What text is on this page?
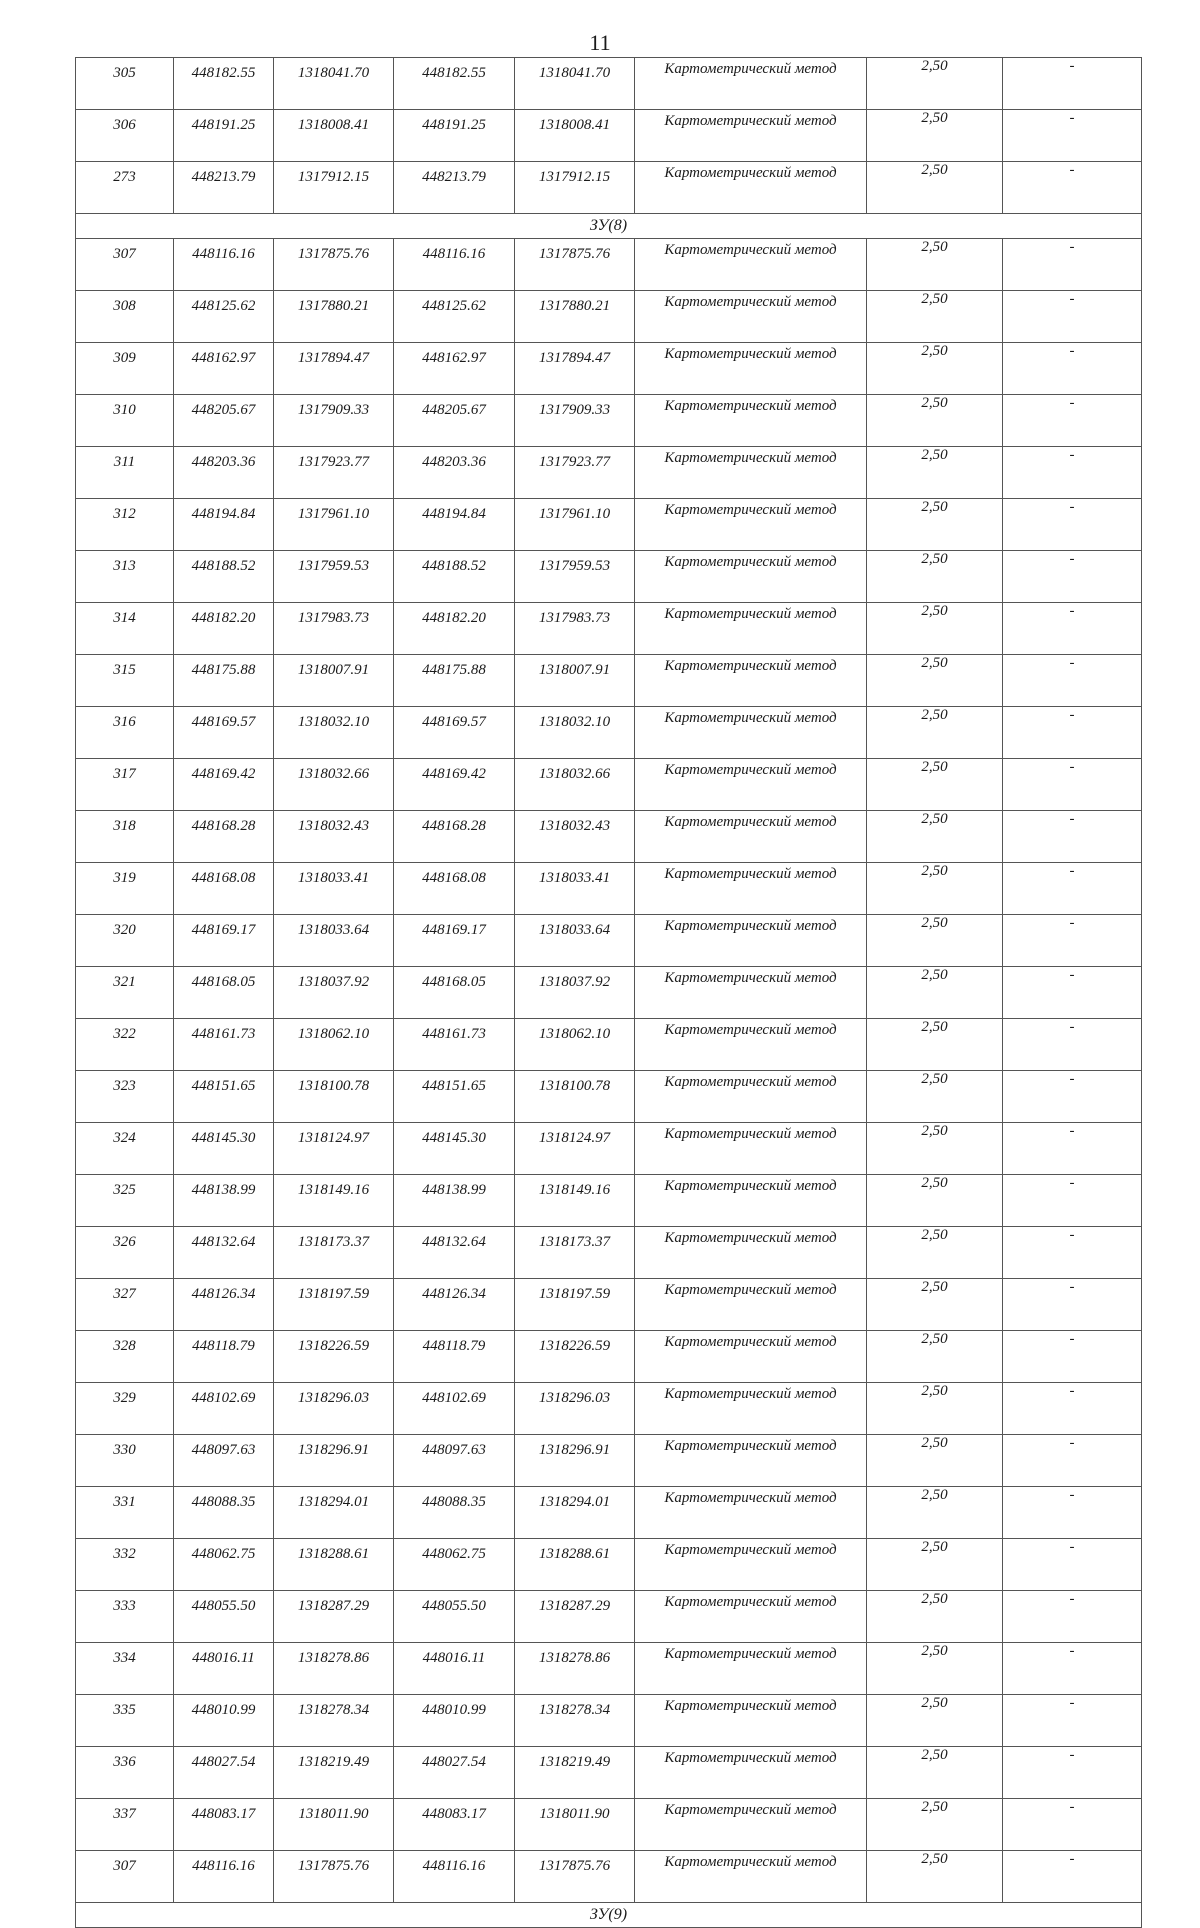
11
305	448182.55	1318041.70	448182.55	1318041.70	Картометрический метод	2,50	-
306	448191.25	1318008.41	448191.25	1318008.41	Картометрический метод	2,50	-
273	448213.79	1317912.15	448213.79	1317912.15	Картометрический метод	2,50	-
ЗУ(8)							
307	448116.16	1317875.76	448116.16	1317875.76	Картометрический метод	2,50	-
308	448125.62	1317880.21	448125.62	1317880.21	Картометрический метод	2,50	-
309	448162.97	1317894.47	448162.97	1317894.47	Картометрический метод	2,50	-
310	448205.67	1317909.33	448205.67	1317909.33	Картометрический метод	2,50	-
311	448203.36	1317923.77	448203.36	1317923.77	Картометрический метод	2,50	-
312	448194.84	1317961.10	448194.84	1317961.10	Картометрический метод	2,50	-
313	448188.52	1317959.53	448188.52	1317959.53	Картометрический метод	2,50	-
314	448182.20	1317983.73	448182.20	1317983.73	Картометрический метод	2,50	-
315	448175.88	1318007.91	448175.88	1318007.91	Картометрический метод	2,50	-
316	448169.57	1318032.10	448169.57	1318032.10	Картометрический метод	2,50	-
317	448169.42	1318032.66	448169.42	1318032.66	Картометрический метод	2,50	-
318	448168.28	1318032.43	448168.28	1318032.43	Картометрический метод	2,50	-
319	448168.08	1318033.41	448168.08	1318033.41	Картометрический метод	2,50	-
320	448169.17	1318033.64	448169.17	1318033.64	Картометрический метод	2,50	-
321	448168.05	1318037.92	448168.05	1318037.92	Картометрический метод	2,50	-
322	448161.73	1318062.10	448161.73	1318062.10	Картометрический метод	2,50	-
323	448151.65	1318100.78	448151.65	1318100.78	Картометрический метод	2,50	-
324	448145.30	1318124.97	448145.30	1318124.97	Картометрический метод	2,50	-
325	448138.99	1318149.16	448138.99	1318149.16	Картометрический метод	2,50	-
326	448132.64	1318173.37	448132.64	1318173.37	Картометрический метод	2,50	-
327	448126.34	1318197.59	448126.34	1318197.59	Картометрический метод	2,50	-
328	448118.79	1318226.59	448118.79	1318226.59	Картометрический метод	2,50	-
329	448102.69	1318296.03	448102.69	1318296.03	Картометрический метод	2,50	-
330	448097.63	1318296.91	448097.63	1318296.91	Картометрический метод	2,50	-
331	448088.35	1318294.01	448088.35	1318294.01	Картометрический метод	2,50	-
332	448062.75	1318288.61	448062.75	1318288.61	Картометрический метод	2,50	-
333	448055.50	1318287.29	448055.50	1318287.29	Картометрический метод	2,50	-
334	448016.11	1318278.86	448016.11	1318278.86	Картометрический метод	2,50	-
335	448010.99	1318278.34	448010.99	1318278.34	Картометрический метод	2,50	-
336	448027.54	1318219.49	448027.54	1318219.49	Картометрический метод	2,50	-
337	448083.17	1318011.90	448083.17	1318011.90	Картометрический метод	2,50	-
307	448116.16	1317875.76	448116.16	1317875.76	Картометрический метод	2,50	-
ЗУ(9)							
